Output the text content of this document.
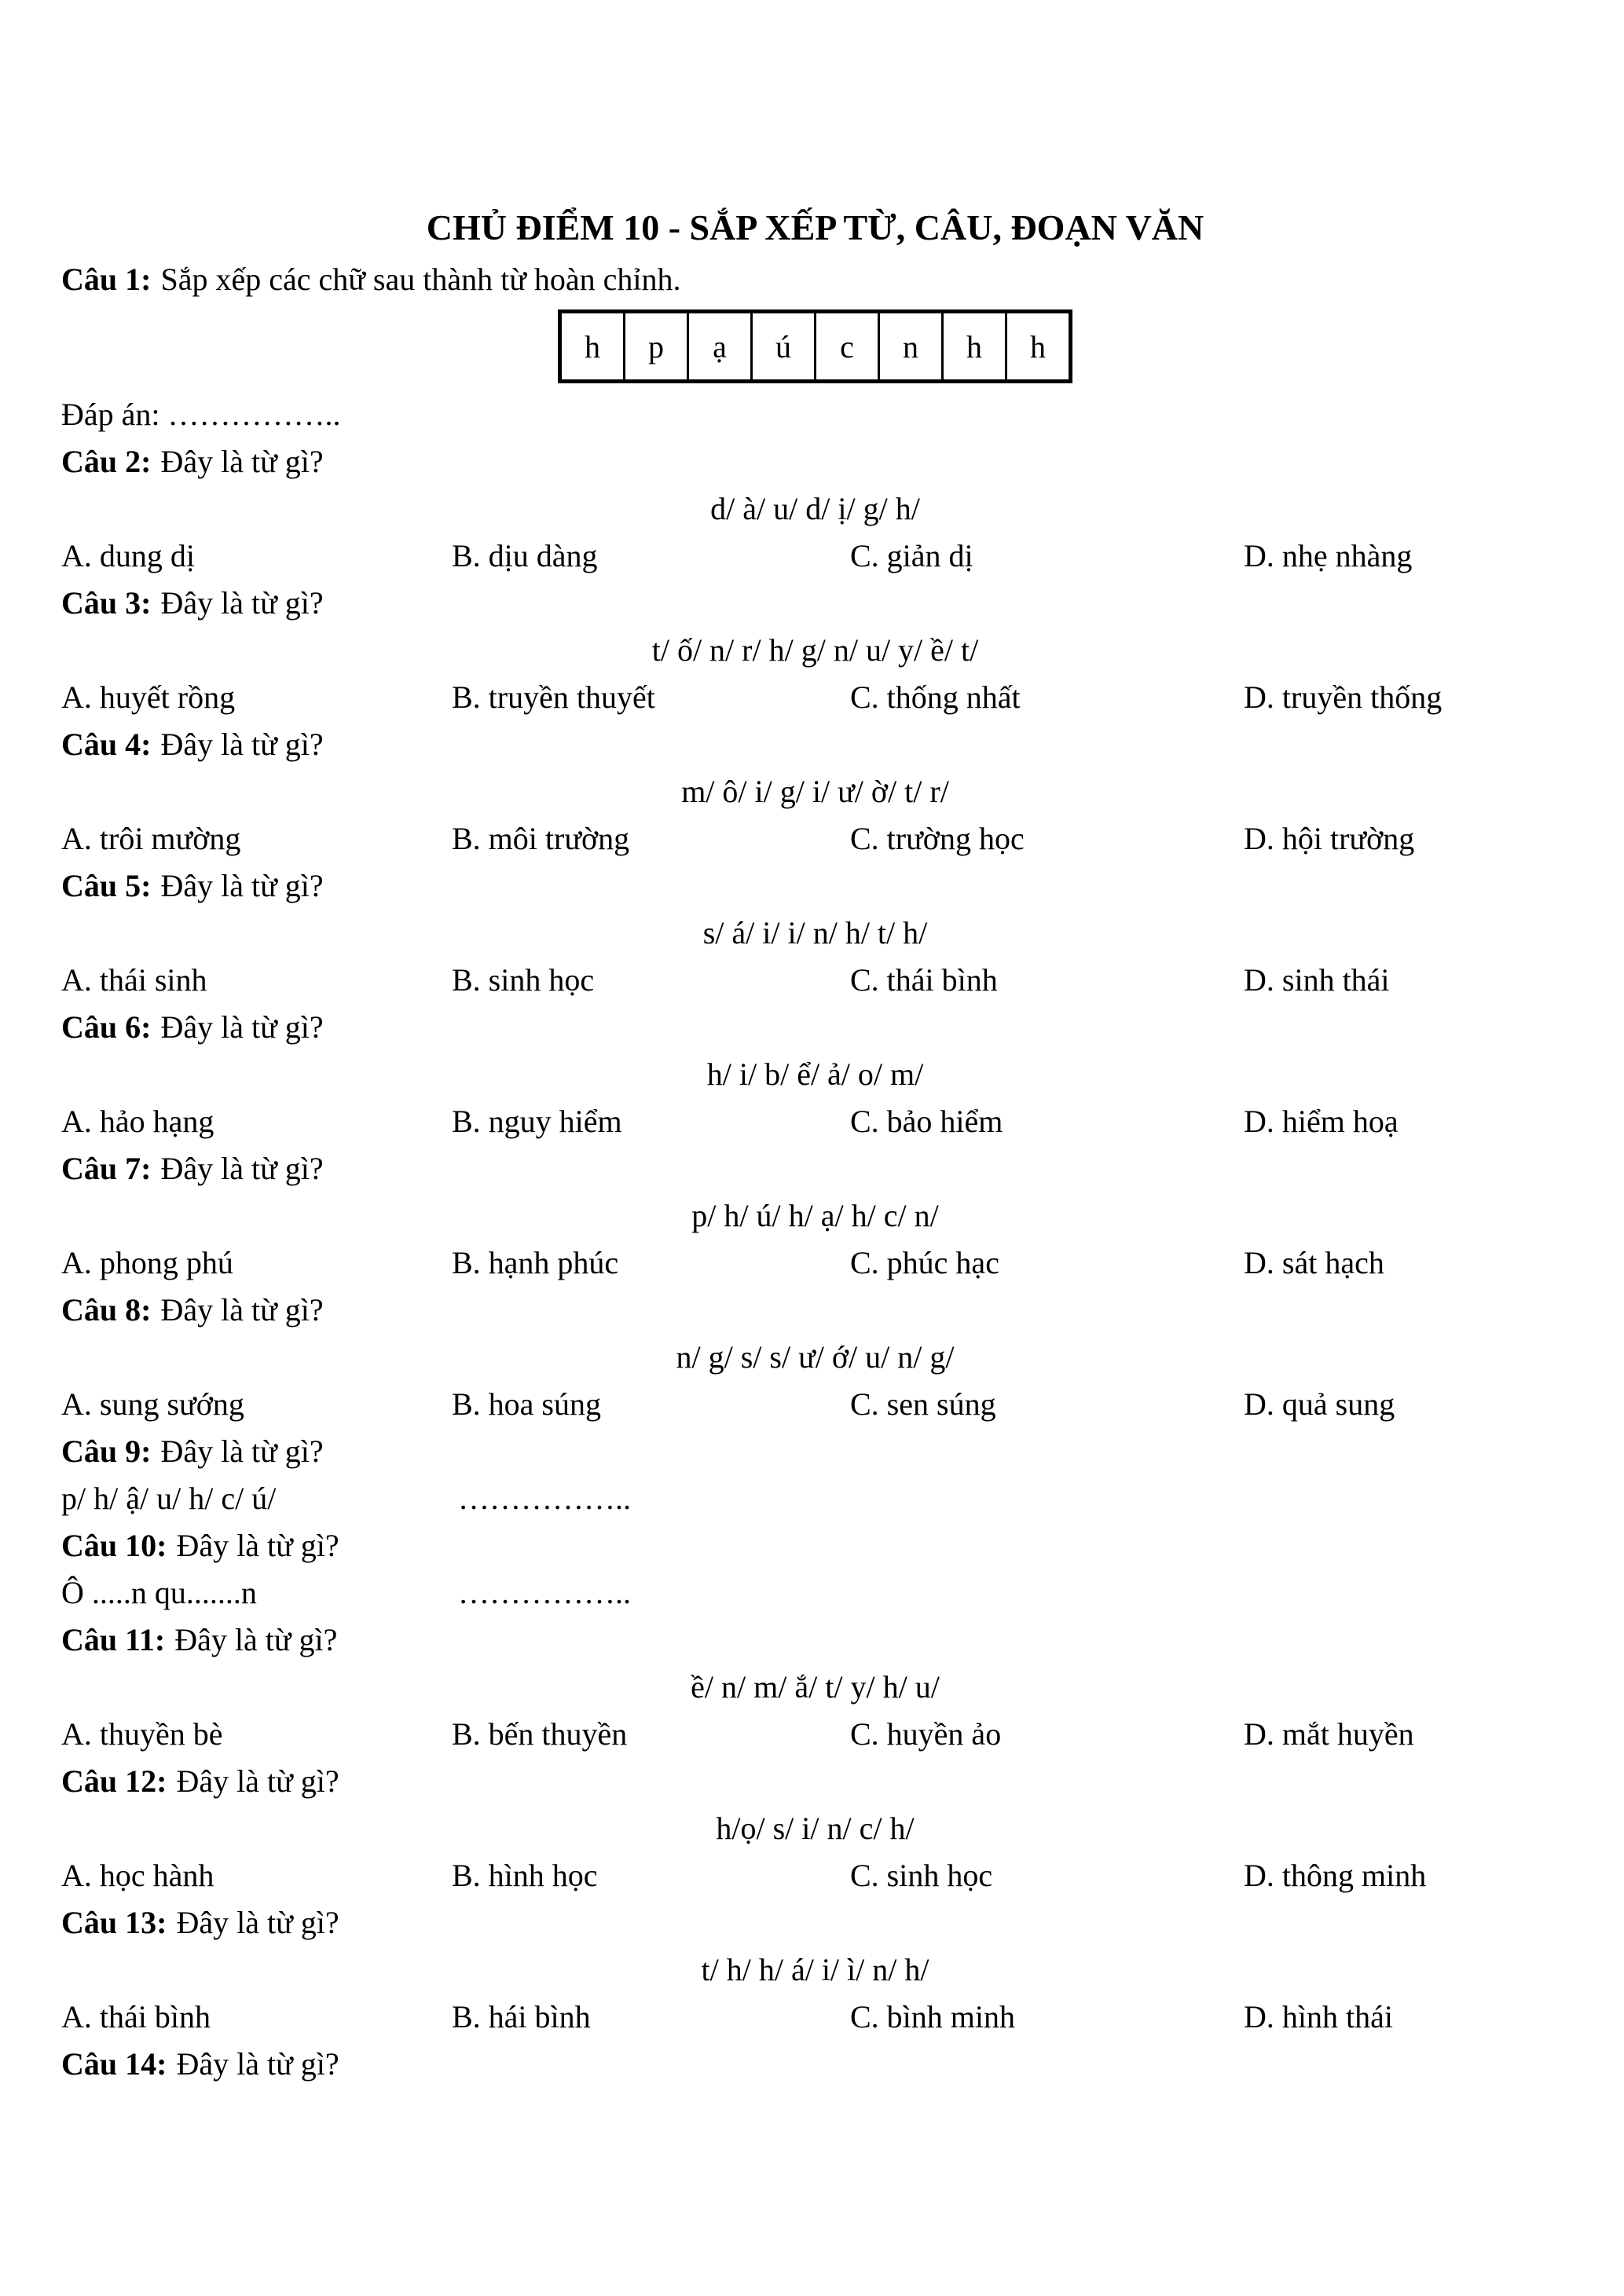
CHỦ ĐIỂM 10 - SẮP XẾP TỪ, CÂU, ĐOẠN VĂN
Câu 1: Sắp xếp các chữ sau thành từ hoàn chỉnh.
h	p	ạ	ú	c	n	h	h
Đáp án: ……………..
Câu 2: Đây là từ gì?
d/ à/ u/ d/ ị/ g/ h/
A. dung dị	B. dịu dàng	C. giản dị	D. nhẹ nhàng
Câu 3: Đây là từ gì?
t/ ố/ n/ r/ h/ g/ n/ u/ y/ ề/ t/
A. huyết rồng	B. truyền thuyết	C. thống nhất	D. truyền thống
Câu 4: Đây là từ gì?
m/ ô/ i/ g/ i/ ư/ ờ/ t/ r/
A. trôi mường	B. môi trường	C. trường học	D. hội trường
Câu 5: Đây là từ gì?
s/ á/ i/ i/ n/ h/ t/ h/
A. thái sinh	B. sinh học	C. thái bình	D. sinh thái
Câu 6: Đây là từ gì?
h/ i/ b/ ể/ ả/ o/ m/
A. hảo hạng	B. nguy hiểm	C. bảo hiểm	D. hiểm hoạ
Câu 7: Đây là từ gì?
p/ h/ ú/ h/ ạ/ h/ c/ n/
A. phong phú	B. hạnh phúc	C. phúc hạc	D. sát hạch
Câu 8: Đây là từ gì?
n/ g/ s/ s/ ư/ ớ/ u/ n/ g/
A. sung sướng	B. hoa súng	C. sen súng	D. quả sung
Câu 9: Đây là từ gì?
p/ h/ ậ/ u/ h/ c/ ú/	……………..
Câu 10: Đây là từ gì?
Ô .....n qu.......n	……………..
Câu 11: Đây là từ gì?
ề/ n/ m/ ắ/ t/ y/ h/ u/
A. thuyền bè	B. bến thuyền	C. huyền ảo	D. mắt huyền
Câu 12: Đây là từ gì?
h/ọ/ s/ i/ n/ c/ h/
A. học hành	B. hình học	C. sinh học	D. thông minh
Câu 13: Đây là từ gì?
t/ h/ h/ á/ i/ ì/ n/ h/
A. thái bình	B. hái bình	C. bình minh	D. hình thái
Câu 14: Đây là từ gì?
